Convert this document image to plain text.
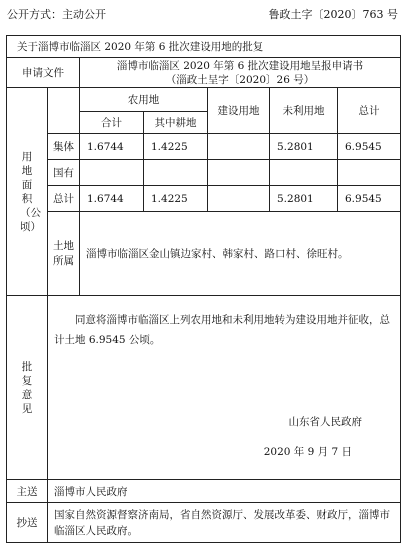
公开方式：主动公开	鲁政土字〔2020〕763 号
关于淄博市临淄区 2020 年第 6 批次建设用地的批复						
申请文件		淄博市临淄区 2020 年第 6 批次建设用地呈报申请书
（淄政土呈字〔2020〕26 号）				

用地面积（公顷）		农用地		建设用地	未利用地	总计
		合计	其中耕地			
	集体	1.6744	1.4225		5.2801	6.9545
	国有					
	总计	1.6744	1.4225		5.2801	6.9545

	土地所属	淄博市临淄区金山镇边家村、韩家村、路口村、徐旺村。				

批复意见	同意将淄博市临淄区上列农用地和未利用地转为建设用地并征收，总计土地 6.9545 公顷。
山东省人民政府
2020 年 9 月 7 日					

主送	淄博市人民政府					
抄送	国家自然资源督察济南局，省自然资源厅、发展改革委、财政厅，淄博市临淄区人民政府。					
